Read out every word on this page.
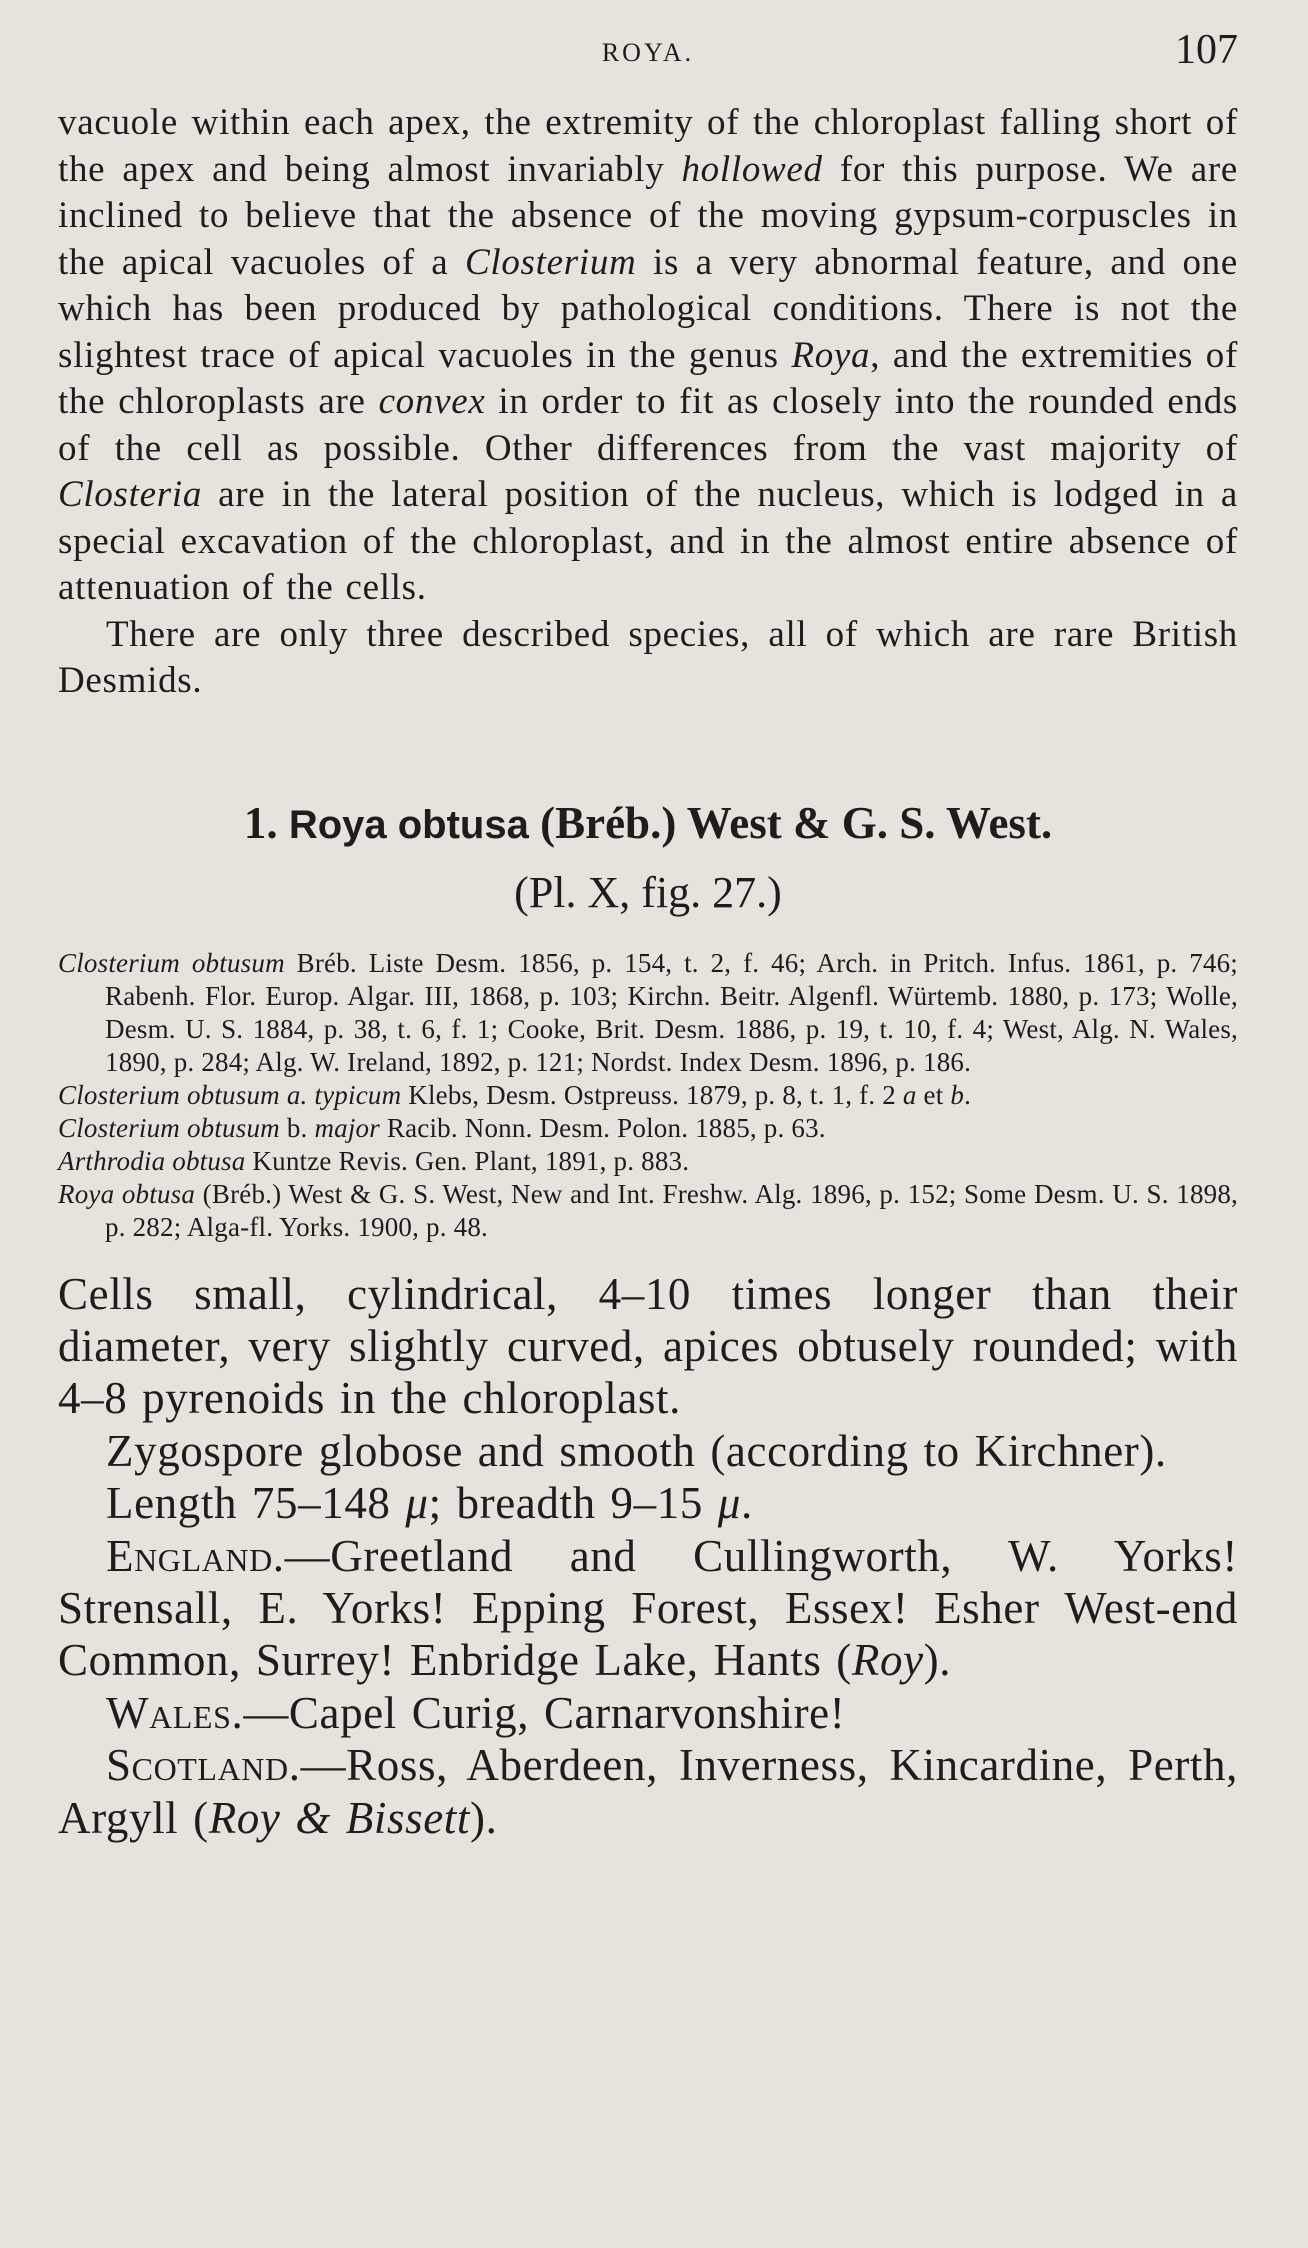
ROYA.	107

vacuole within each apex, the extremity of the chloroplast falling short of the apex and being almost invariably hollowed for this purpose. We are inclined to believe that the absence of the moving gypsum-corpuscles in the apical vacuoles of a Closterium is a very abnormal feature, and one which has been produced by pathological conditions. There is not the slightest trace of apical vacuoles in the genus Roya, and the extremities of the chloroplasts are convex in order to fit as closely into the rounded ends of the cell as possible. Other differences from the vast majority of Closteria are in the lateral position of the nucleus, which is lodged in a special excavation of the chloroplast, and in the almost entire absence of attenuation of the cells.

There are only three described species, all of which are rare British Desmids.

1. Roya obtusa (Bréb.) West & G. S. West.
(Pl. X, fig. 27.)

Closterium obtusum Bréb. Liste Desm. 1856, p. 154, t. 2, f. 46; Arch. in Pritch. Infus. 1861, p. 746; Rabenh. Flor. Europ. Algar. III, 1868, p. 103; Kirchn. Beitr. Algenfl. Würtemb. 1880, p. 173; Wolle, Desm. U. S. 1884, p. 38, t. 6, f. 1; Cooke, Brit. Desm. 1886, p. 19, t. 10, f. 4; West, Alg. N. Wales, 1890, p. 284; Alg. W. Ireland, 1892, p. 121; Nordst. Index Desm. 1896, p. 186.

Closterium obtusum a. typicum Klebs, Desm. Ostpreuss. 1879, p. 8, t. 1, f. 2 a et b.

Closterium obtusum b. major Racib. Nonn. Desm. Polon. 1885, p. 63.

Arthrodia obtusa Kuntze Revis. Gen. Plant, 1891, p. 883.

Roya obtusa (Bréb.) West & G. S. West, New and Int. Freshw. Alg. 1896, p. 152; Some Desm. U. S. 1898, p. 282; Alga-fl. Yorks. 1900, p. 48.

Cells small, cylindrical, 4–10 times longer than their diameter, very slightly curved, apices obtusely rounded; with 4–8 pyrenoids in the chloroplast.

Zygospore globose and smooth (according to Kirchner).

Length 75–148 μ; breadth 9–15 μ.

England.—Greetland and Cullingworth, W. Yorks! Strensall, E. Yorks! Epping Forest, Essex! Esher West-end Common, Surrey! Enbridge Lake, Hants (Roy).

Wales.—Capel Curig, Carnarvonshire!

Scotland.—Ross, Aberdeen, Inverness, Kincardine, Perth, Argyll (Roy & Bissett).
